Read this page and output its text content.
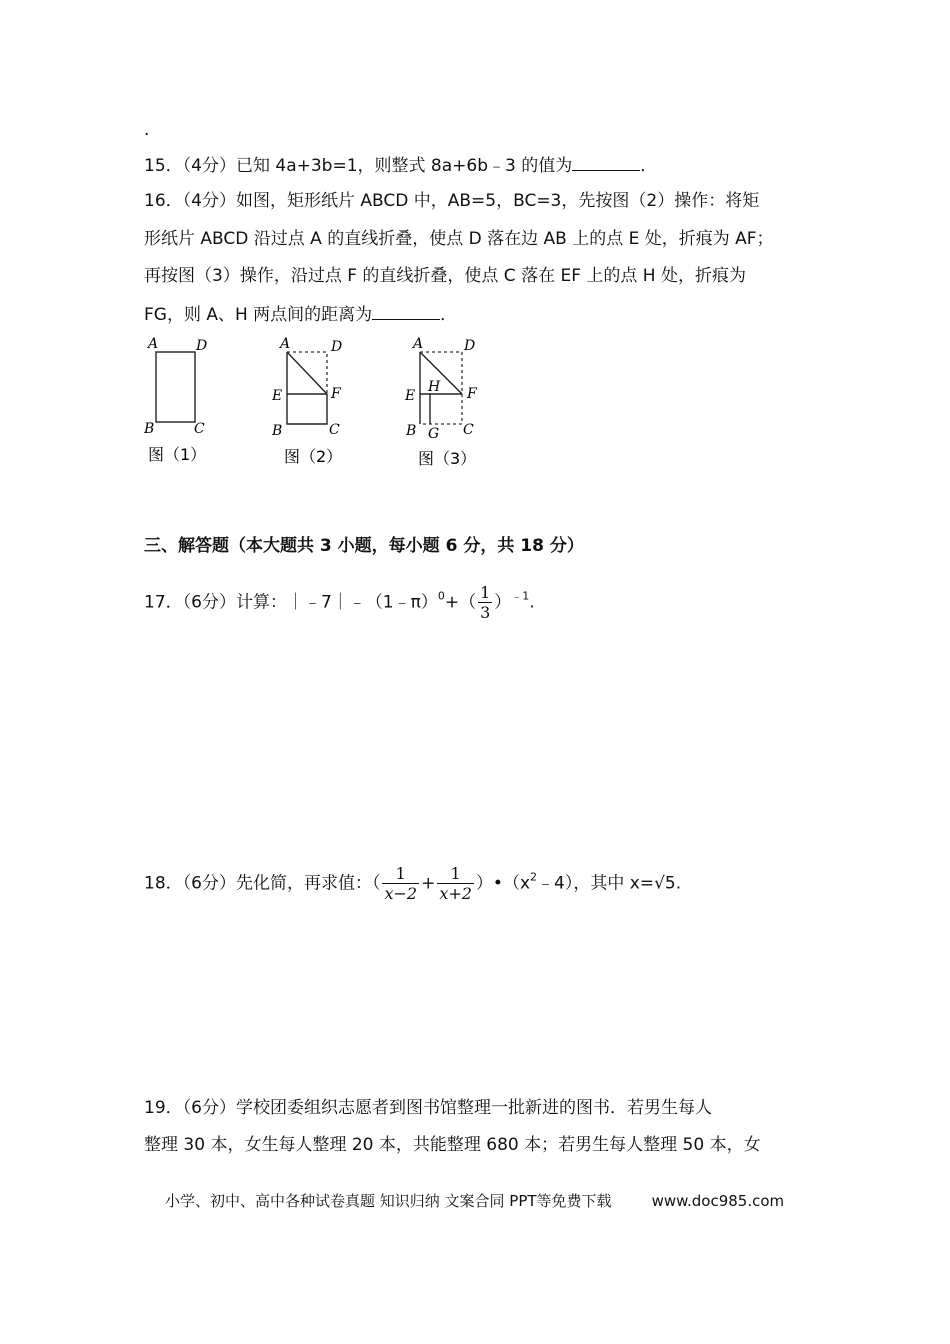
.
15．（4分）已知 4a+3b=1，则整式 8a+6b﹣3 的值为	．
16．（4分）如图，矩形纸片 ABCD 中，AB=5，BC=3，先按图（2）操作：将矩
形纸片 ABCD 沿过点 A 的直线折叠，使点 D 落在边 AB 上的点 E 处，折痕为 AF；
再按图（3）操作，沿过点 F 的直线折叠，使点 C 落在 EF 上的点 H 处，折痕为
FG，则 A、H 两点间的距离为	．
A	D
B	C
图（1）
A	D
E	F
B	C
图（2）
A	D
H
E	F
B G C
图（3）
三、解答题（本大题共 3 小题，每小题 6 分，共 18 分）
17．（6分）计算：｜﹣7｜﹣（1﹣π）$^0$+（ $\frac{1}{3} )^{﹣1}$.
18．（6分）先化简，再求值：（ $\frac{1}{x-2} + \frac{1}{x+2}$ ）$•(x^2﹣4)$，其中 x=√5.
19．（6分）学校团委组织志愿者到图书馆整理一批新进的图书．若男生每人
整理 30 本，女生每人整理 20 本，共能整理 680 本；若男生每人整理 50 本，女
小学、初中、高中各种试卷真题 知识归纳 文案合同 PPT等免费下载	www.doc985.com
